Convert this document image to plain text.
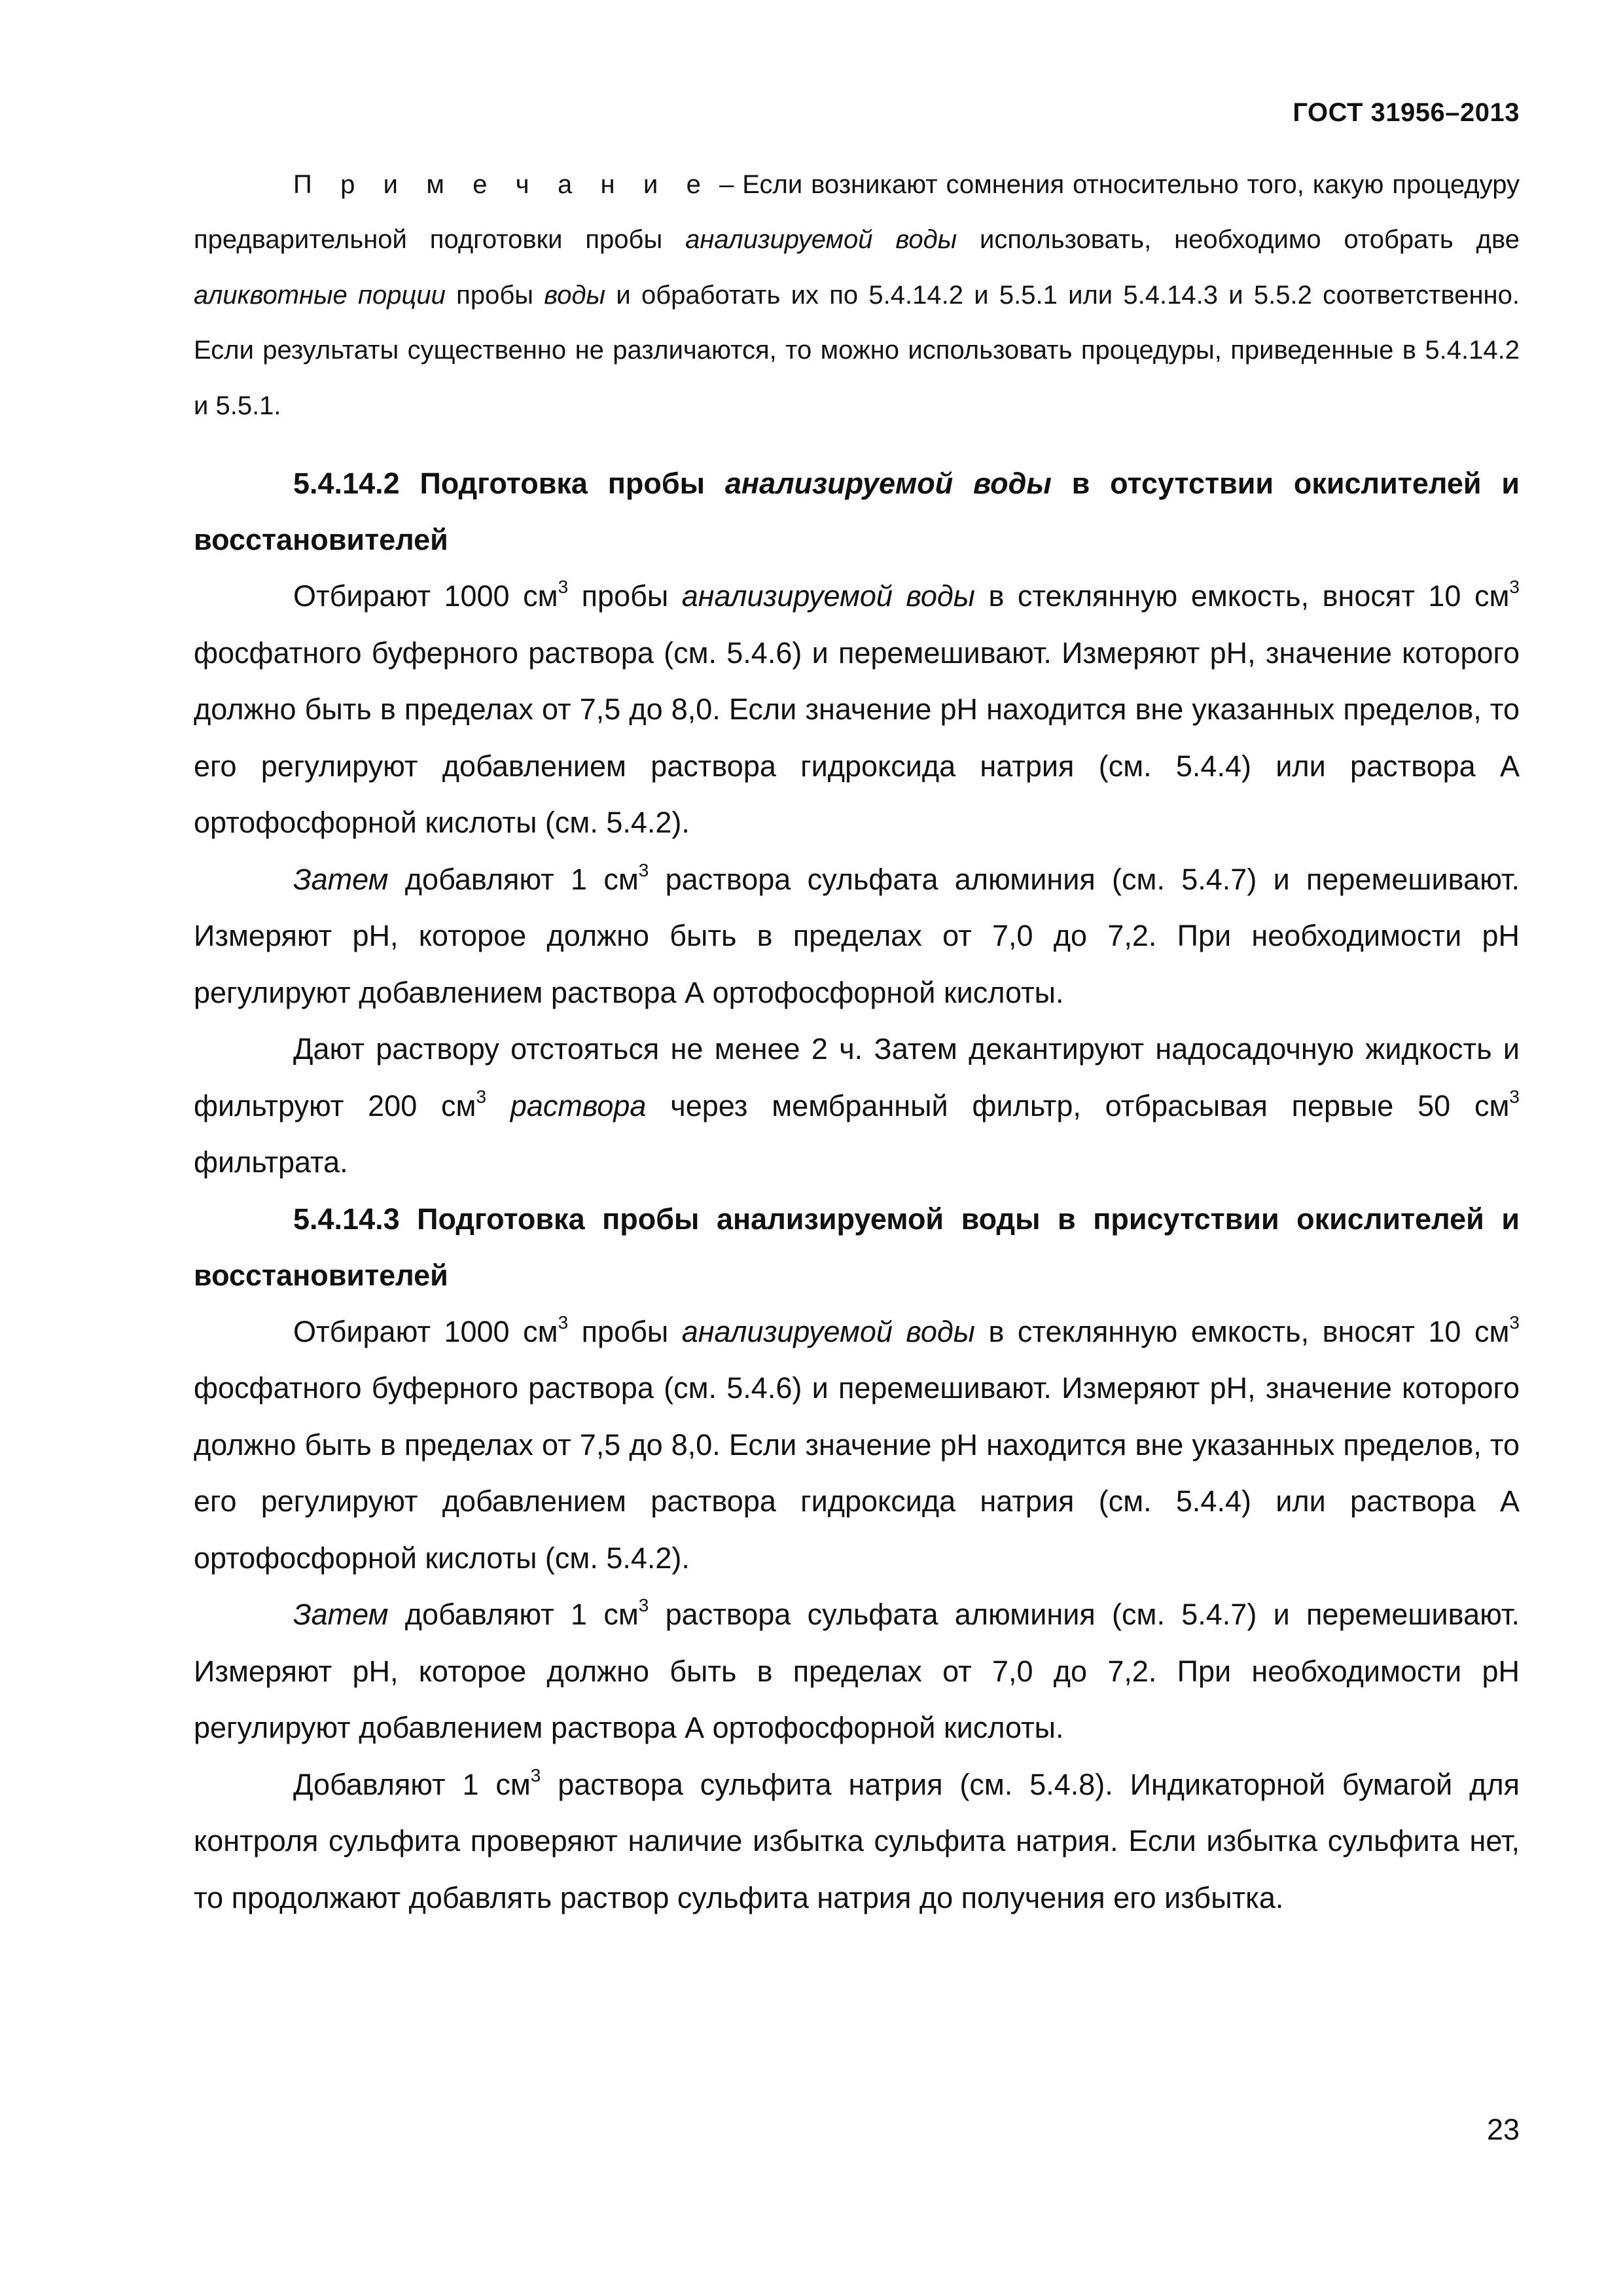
ГОСТ 31956–2013

П р и м е ч а н и е – Если возникают сомнения относительно того, какую процедуру предварительной подготовки пробы анализируемой воды использовать, необходимо отобрать две аликвотные порции пробы воды и обработать их по 5.4.14.2 и 5.5.1 или 5.4.14.3 и 5.5.2 соответственно. Если результаты существенно не различаются, то можно использовать процедуры, приведенные в 5.4.14.2 и 5.5.1.

5.4.14.2 Подготовка пробы анализируемой воды в отсутствии окислителей и восстановителей

Отбирают 1000 $см^3$ пробы анализируемой воды в стеклянную емкость, вносят 10 $см^3$ фосфатного буферного раствора (см. 5.4.6) и перемешивают. Измеряют рН, значение которого должно быть в пределах от 7,5 до 8,0. Если значение рН находится вне указанных пределов, то его регулируют добавлением раствора гидроксида натрия (см. 5.4.4) или раствора А ортофосфорной кислоты (см. 5.4.2).

Затем добавляют 1 $см^3$ раствора сульфата алюминия (см. 5.4.7) и перемешивают. Измеряют рН, которое должно быть в пределах от 7,0 до 7,2. При необходимости рН регулируют добавлением раствора А ортофосфорной кислоты.

Дают раствору отстояться не менее 2 ч. Затем декантируют надосадочную жидкость и фильтруют 200 $см^3$ раствора через мембранный фильтр, отбрасывая первые 50 $см^3$ фильтрата.

5.4.14.3 Подготовка пробы анализируемой воды в присутствии окислителей и восстановителей

Отбирают 1000 $см^3$ пробы анализируемой воды в стеклянную емкость, вносят 10 $см^3$ фосфатного буферного раствора (см. 5.4.6) и перемешивают. Измеряют рН, значение которого должно быть в пределах от 7,5 до 8,0. Если значение рН находится вне указанных пределов, то его регулируют добавлением раствора гидроксида натрия (см. 5.4.4) или раствора А ортофосфорной кислоты (см. 5.4.2).

Затем добавляют 1 $см^3$ раствора сульфата алюминия (см. 5.4.7) и перемешивают. Измеряют рН, которое должно быть в пределах от 7,0 до 7,2. При необходимости рН регулируют добавлением раствора А ортофосфорной кислоты.

Добавляют 1 $см^3$ раствора сульфита натрия (см. 5.4.8). Индикаторной бумагой для контроля сульфита проверяют наличие избытка сульфита натрия. Если избытка сульфита нет, то продолжают добавлять раствор сульфита натрия до получения его избытка.

23
